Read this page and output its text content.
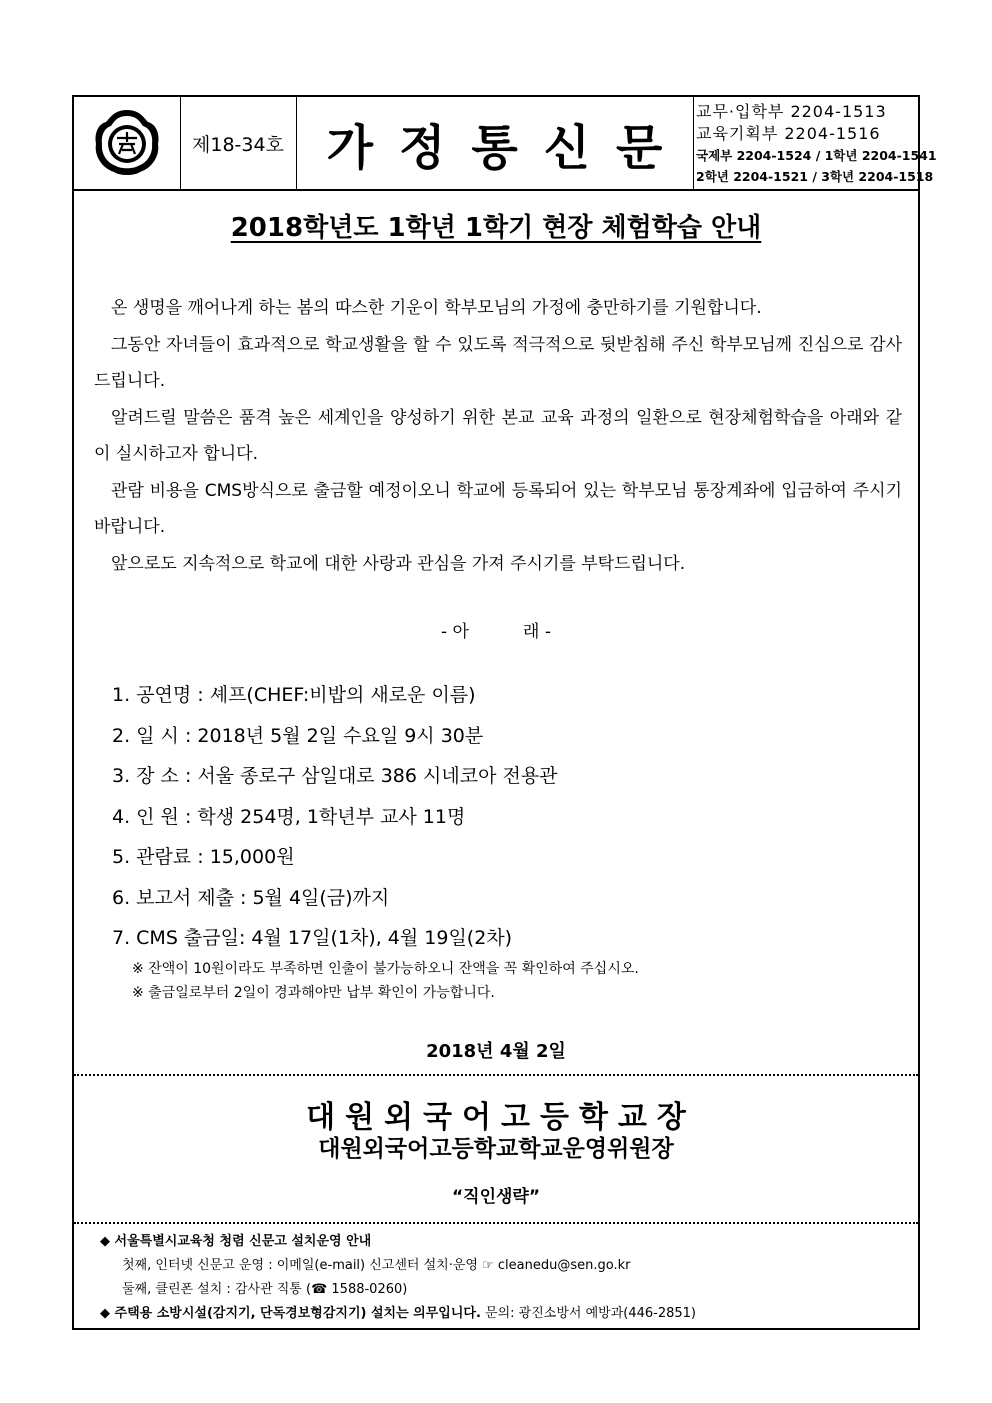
제18-34호 가정통신문
교무·입학부 2204-1513
교육기획부 2204-1516
국제부 2204-1524 / 1학년 2204-1541
2학년 2204-1521 / 3학년 2204-1518
2018학년도 1학년 1학기 현장 체험학습 안내

온 생명을 깨어나게 하는 봄의 따스한 기운이 학부모님의 가정에 충만하기를 기원합니다.

그동안 자녀들이 효과적으로 학교생활을 할 수 있도록 적극적으로 뒷받침해 주신 학부모님께 진심으로 감사드립니다.

알려드릴 말씀은 품격 높은 세계인을 양성하기 위한 본교 교육 과정의 일환으로 현장체험학습을 아래와 같이 실시하고자 합니다.

관람 비용을 CMS방식으로 출금할 예정이오니 학교에 등록되어 있는 학부모님 통장계좌에 입금하여 주시기 바랍니다.

앞으로도 지속적으로 학교에 대한 사랑과 관심을 가져 주시기를 부탁드립니다.

- 아          래 -
1. 공연명 : 셰프(CHEF:비밥의 새로운 이름)
2. 일 시 : 2018년 5월 2일 수요일 9시 30분
3. 장 소 : 서울 종로구 삼일대로 386 시네코아 전용관
4. 인 원 : 학생 254명, 1학년부 교사 11명
5. 관람료 : 15,000원
6. 보고서 제출 : 5월 4일(금)까지
7. CMS 출금일: 4월 17일(1차), 4월 19일(2차)
※ 잔액이 10원이라도 부족하면 인출이 불가능하오니 잔액을 꼭 확인하여 주십시오.
※ 출금일로부터 2일이 경과해야만 납부 확인이 가능합니다.
2018년 4월 2일
대원외국어고등학교장
대원외국어고등학교학교운영위원장
“직인생략”
◆ 서울특별시교육청 청렴 신문고 설치운영 안내
첫째, 인터넷 신문고 운영 : 이메일(e-mail) 신고센터 설치·운영 ☞ cleanedu@sen.go.kr
둘째, 클린폰 설치 : 감사관 직통 (☎ 1588-0260)
◆ 주택용 소방시설(감지기, 단독경보형감지기) 설치는 의무입니다. 문의: 광진소방서 예방과(446-2851)
